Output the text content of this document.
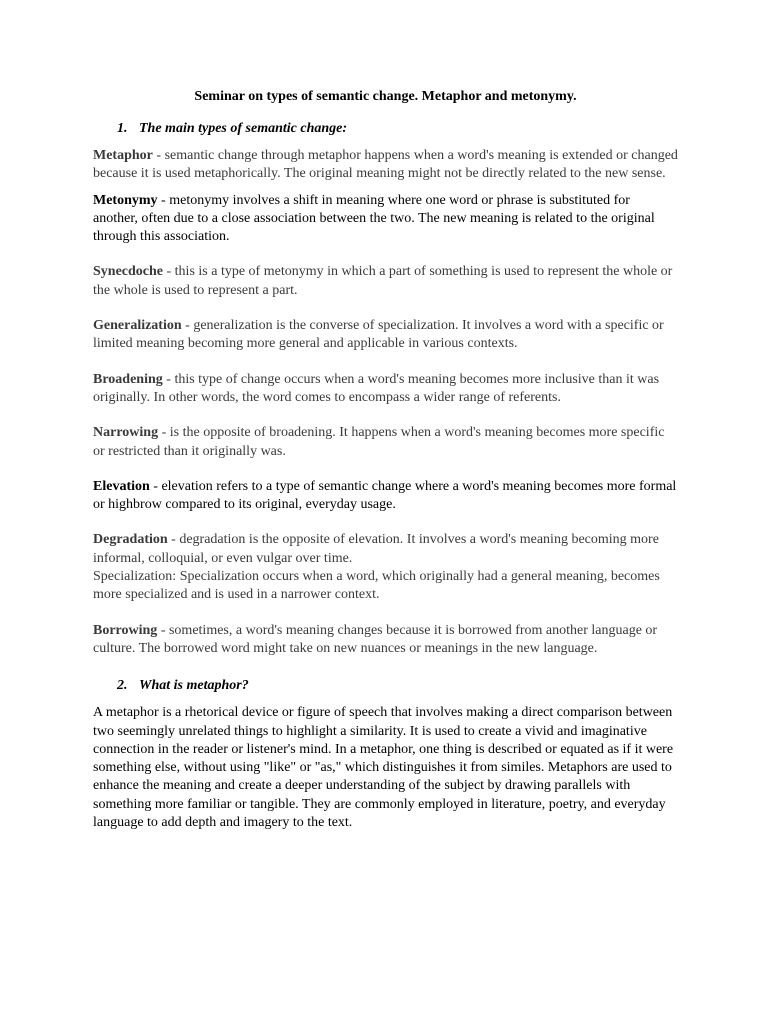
Seminar on types of semantic change. Metaphor and metonymy.

1. The main types of semantic change:

Metaphor - semantic change through metaphor happens when a word's meaning is extended or changed because it is used metaphorically. The original meaning might not be directly related to the new sense.

Metonymy - metonymy involves a shift in meaning where one word or phrase is substituted for another, often due to a close association between the two. The new meaning is related to the original through this association.

Synecdoche - this is a type of metonymy in which a part of something is used to represent the whole or the whole is used to represent a part.

Generalization - generalization is the converse of specialization. It involves a word with a specific or limited meaning becoming more general and applicable in various contexts.

Broadening - this type of change occurs when a word's meaning becomes more inclusive than it was originally. In other words, the word comes to encompass a wider range of referents.

Narrowing - is the opposite of broadening. It happens when a word's meaning becomes more specific or restricted than it originally was.

Elevation - elevation refers to a type of semantic change where a word's meaning becomes more formal or highbrow compared to its original, everyday usage.

Degradation - degradation is the opposite of elevation. It involves a word's meaning becoming more informal, colloquial, or even vulgar over time.

Specialization: Specialization occurs when a word, which originally had a general meaning, becomes more specialized and is used in a narrower context.

Borrowing - sometimes, a word's meaning changes because it is borrowed from another language or culture. The borrowed word might take on new nuances or meanings in the new language.

2. What is metaphor?

A metaphor is a rhetorical device or figure of speech that involves making a direct comparison between two seemingly unrelated things to highlight a similarity. It is used to create a vivid and imaginative connection in the reader or listener's mind. In a metaphor, one thing is described or equated as if it were something else, without using "like" or "as," which distinguishes it from similes. Metaphors are used to enhance the meaning and create a deeper understanding of the subject by drawing parallels with something more familiar or tangible. They are commonly employed in literature, poetry, and everyday language to add depth and imagery to the text.
